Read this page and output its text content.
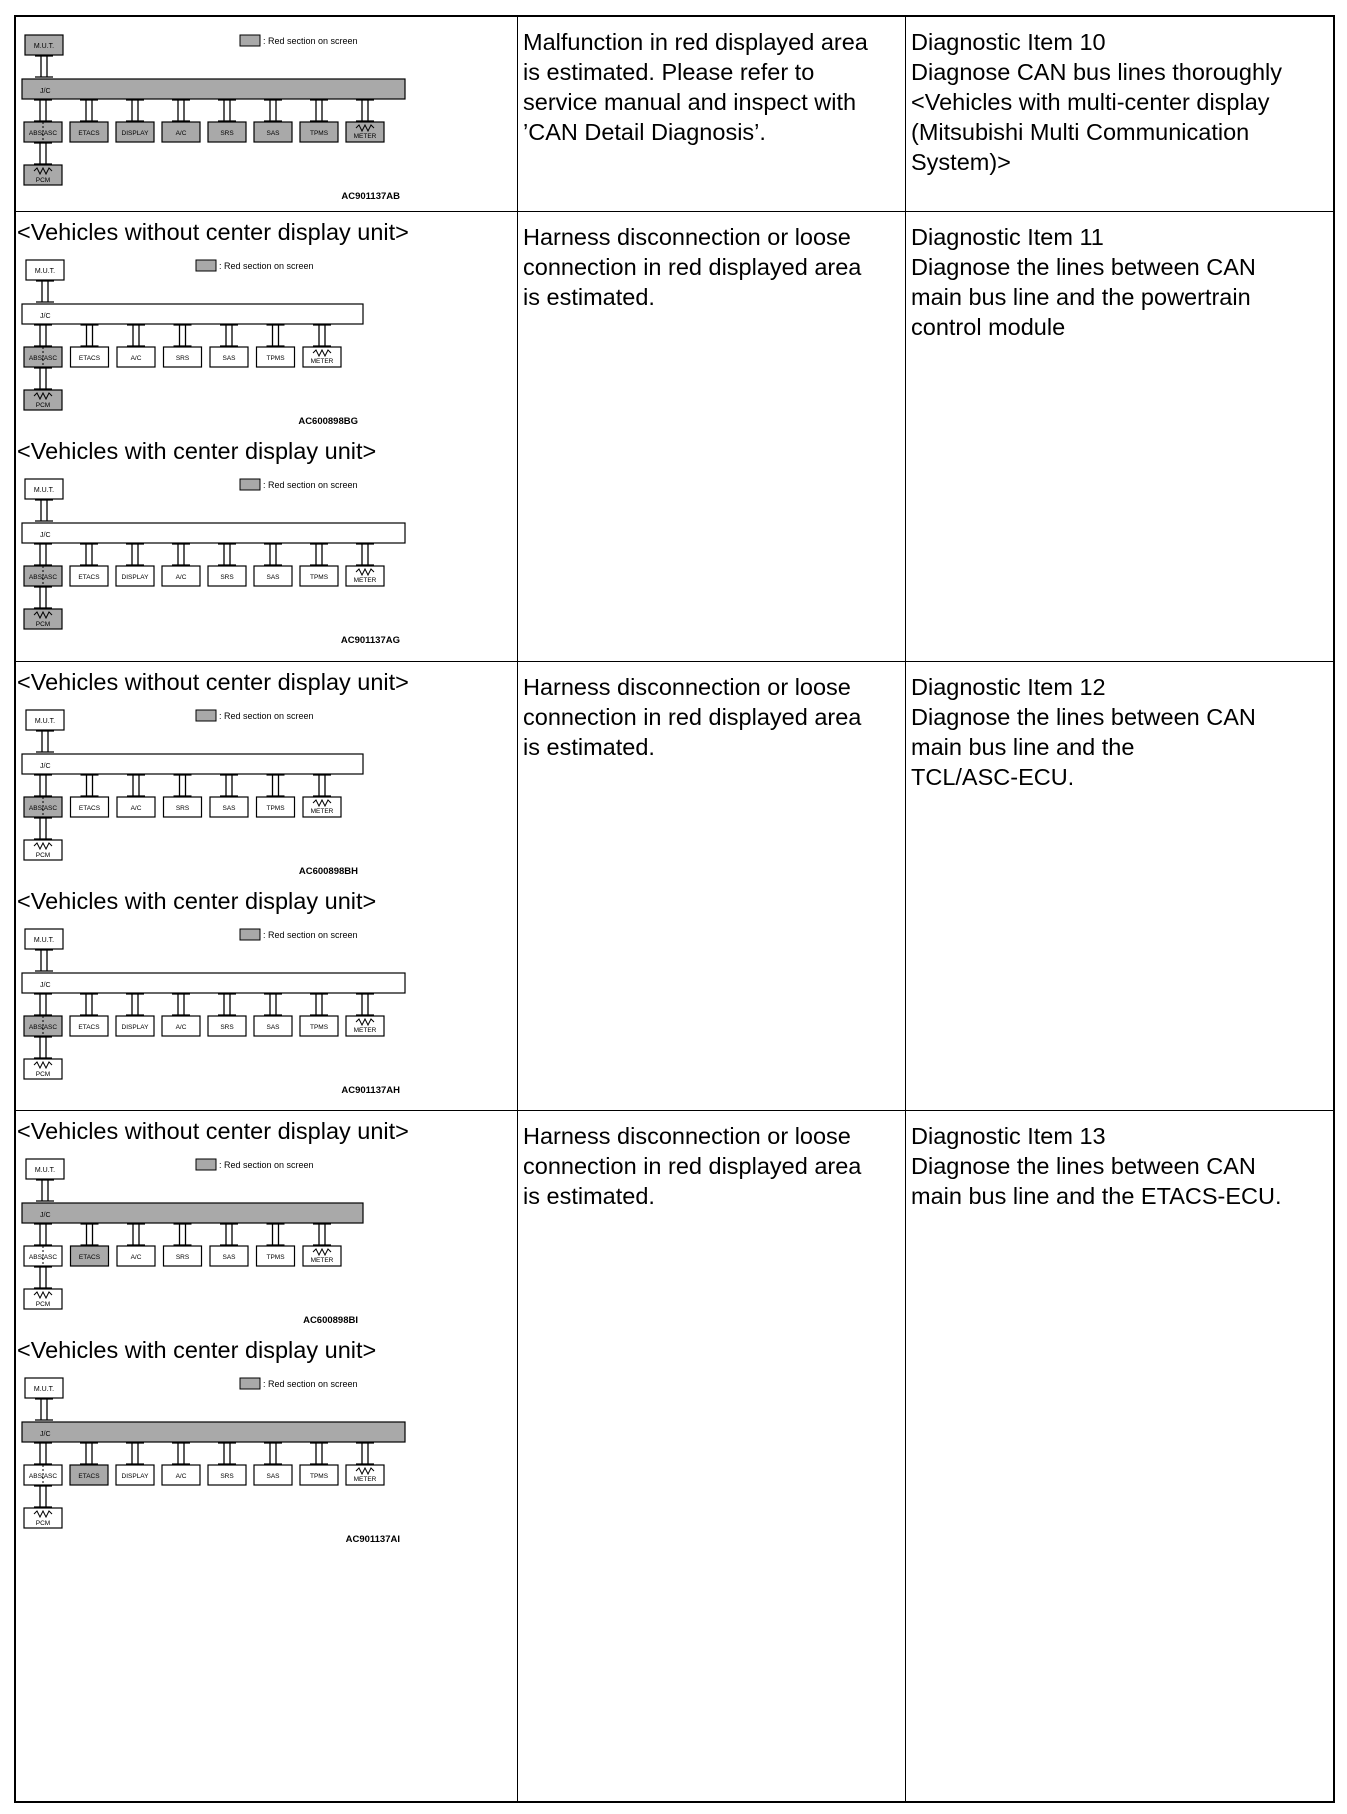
M.U.T.
: Red section on screen
J/C
ABS/ASC	ETACS	DISPLAY	A/C	SRS	SAS	TPMS	METER
PCM
AC901137AB
Malfunction in red displayed area
is estimated. Please refer to
service manual and inspect with
’CAN Detail Diagnosis’.
Diagnostic Item 10
Diagnose CAN bus lines thoroughly
<Vehicles with multi-center display
(Mitsubishi Multi Communication
System)>
<Vehicles without center display unit>
M.U.T.
: Red section on screen
J/C
ABS/ASC	ETACS	A/C	SRS	SAS	TPMS	METER
PCM
AC600898BG
<Vehicles with center display unit>
M.U.T.
: Red section on screen
J/C
ABS/ASC	ETACS	DISPLAY	A/C	SRS	SAS	TPMS	METER
PCM
AC901137AG
Harness disconnection or loose
connection in red displayed area
is estimated.
Diagnostic Item 11
Diagnose the lines between CAN
main bus line and the powertrain
control module
<Vehicles without center display unit>
M.U.T.
: Red section on screen
J/C
ABS/ASC	ETACS	A/C	SRS	SAS	TPMS	METER
PCM
AC600898BH
<Vehicles with center display unit>
M.U.T.
: Red section on screen
J/C
ABS/ASC	ETACS	DISPLAY	A/C	SRS	SAS	TPMS	METER
PCM
AC901137AH
Harness disconnection or loose
connection in red displayed area
is estimated.
Diagnostic Item 12
Diagnose the lines between CAN
main bus line and the
TCL/ASC-ECU.
<Vehicles without center display unit>
M.U.T.
: Red section on screen
J/C
ABS/ASC	ETACS	A/C	SRS	SAS	TPMS	METER
PCM
AC600898BI
<Vehicles with center display unit>
M.U.T.
: Red section on screen
J/C
ABS/ASC	ETACS	DISPLAY	A/C	SRS	SAS	TPMS	METER
PCM
AC901137AI
Harness disconnection or loose
connection in red displayed area
is estimated.
Diagnostic Item 13
Diagnose the lines between CAN
main bus line and the ETACS-ECU.
